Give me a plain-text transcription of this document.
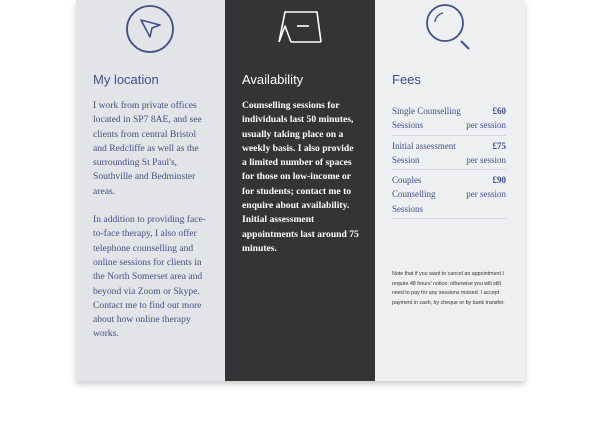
My location

I work from private offices located in SP7 8AE, and see clients from central Bristol and Redcliffe as well as the surrounding St Paul's, Southville and Bedminster areas.

In addition to providing face-to-face therapy, I also offer telephone counselling and online sessions for clients in the North Somerset area and beyond via Zoom or Skype. Contact me to find out more about how online therapy works.

Availability
Counselling sessions for individuals last 50 minutes, usually taking place on a weekly basis. I also provide a limited number of spaces for those on low-income or for students; contact me to enquire about availability. Initial assessment appointments last around 75 minutes.
Fees
Single Counselling Sessions
£60
per session
Initial assessment Session
£75
per session
Couples Counselling Sessions
£90
per session
Note that if you want to cancel an appointment I require 48 hours' notice; otherwise you will still need to pay for any sessions missed. I accept payment in cash, by cheque or by bank transfer.
